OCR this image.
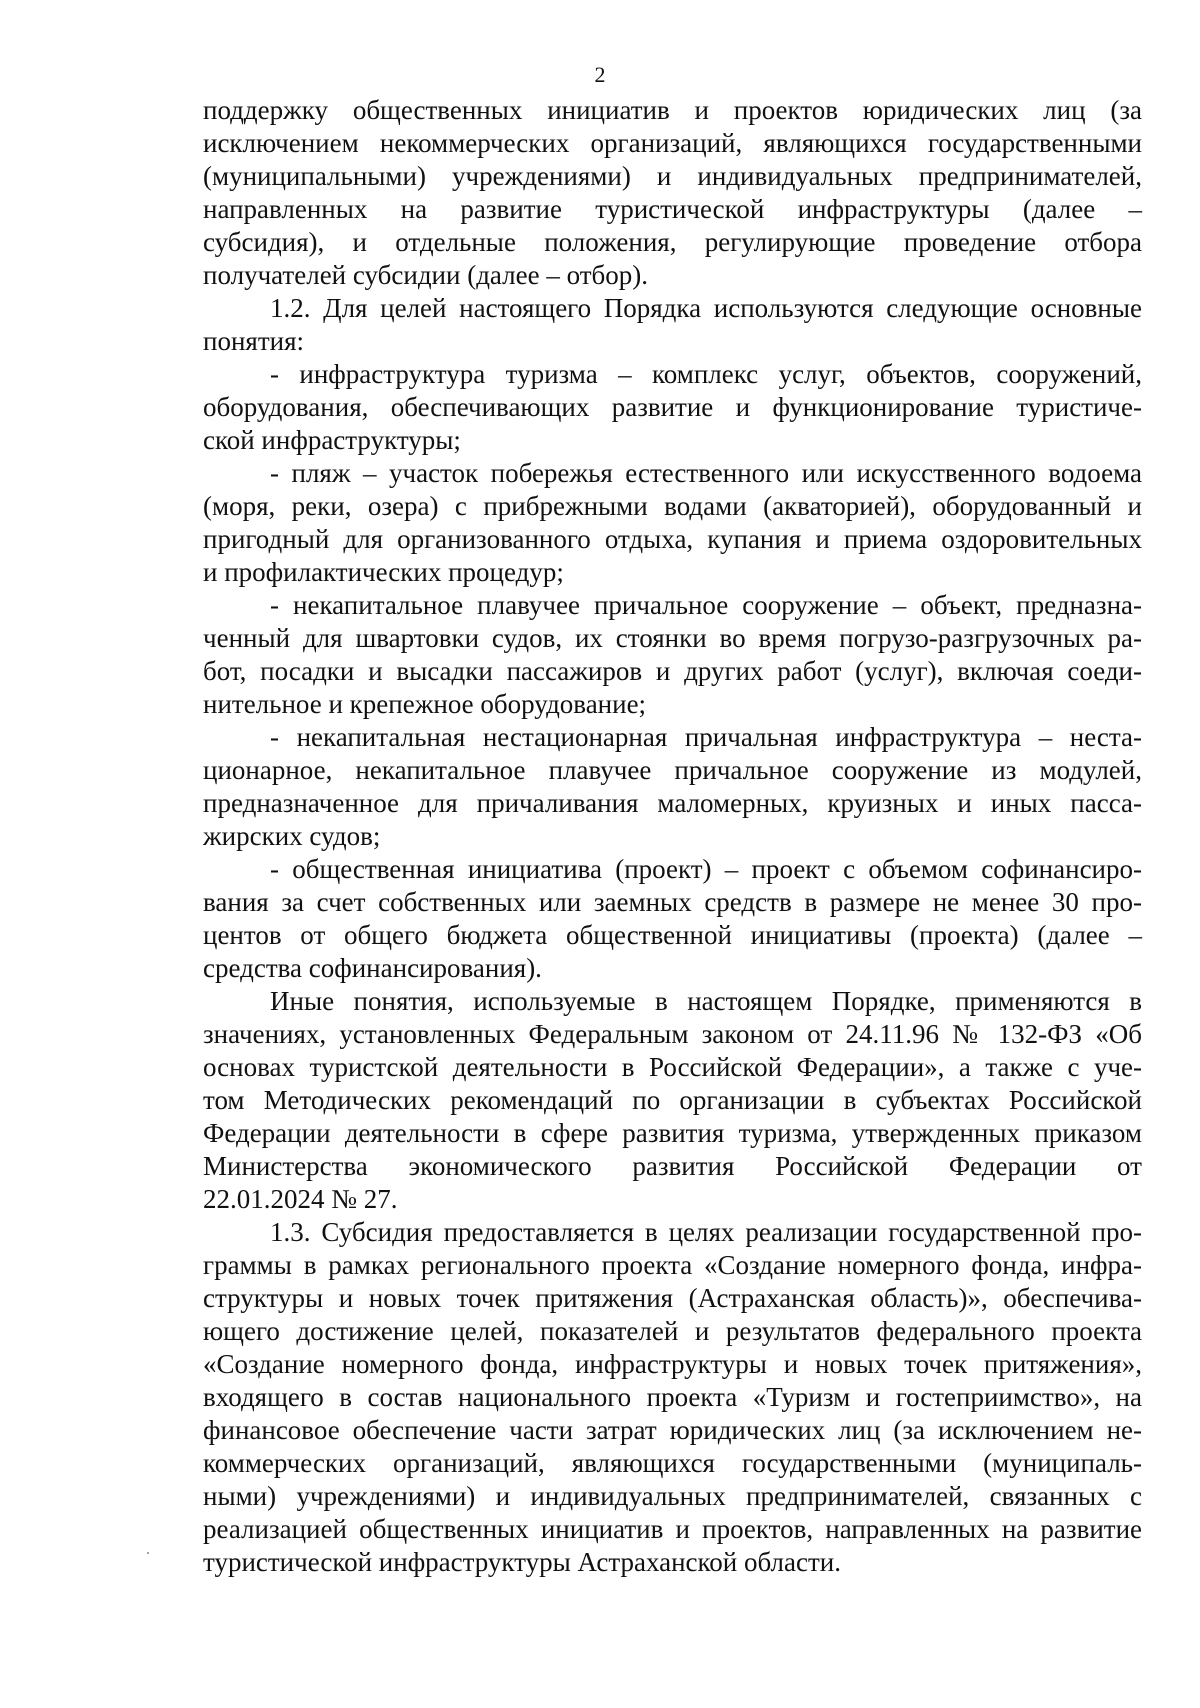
2
поддержку общественных инициатив и проектов юридических лиц (за
исключением некоммерческих организаций, являющихся государственными
(муниципальными) учреждениями) и индивидуальных предпринимателей,
направленных на развитие туристической инфраструктуры (далее –
субсидия), и отдельные положения, регулирующие проведение отбора
получателей субсидии (далее – отбор).
1.2. Для целей настоящего Порядка используются следующие основные
понятия:
- инфраструктура туризма – комплекс услуг, объектов, сооружений,
оборудования, обеспечивающих развитие и функционирование туристиче-
ской инфраструктуры;
- пляж – участок побережья естественного или искусственного водоема
(моря, реки, озера) с прибрежными водами (акваторией), оборудованный и
пригодный для организованного отдыха, купания и приема оздоровительных
и профилактических процедур;
- некапитальное плавучее причальное сооружение – объект, предназна-
ченный для швартовки судов, их стоянки во время погрузо-разгрузочных ра-
бот, посадки и высадки пассажиров и других работ (услуг), включая соеди-
нительное и крепежное оборудование;
- некапитальная нестационарная причальная инфраструктура – неста-
ционарное, некапитальное плавучее причальное сооружение из модулей,
предназначенное для причаливания маломерных, круизных и иных пасса-
жирских судов;
- общественная инициатива (проект) – проект с объемом софинансиро-
вания за счет собственных или заемных средств в размере не менее 30 про-
центов от общего бюджета общественной инициативы (проекта) (далее –
средства софинансирования).
Иные понятия, используемые в настоящем Порядке, применяются в
значениях, установленных Федеральным законом от 24.11.96 № 132-ФЗ «Об
основах туристской деятельности в Российской Федерации», а также с уче-
том Методических рекомендаций по организации в субъектах Российской
Федерации деятельности в сфере развития туризма, утвержденных приказом
Министерства экономического развития Российской Федерации от
22.01.2024 № 27.
1.3. Субсидия предоставляется в целях реализации государственной про-
граммы в рамках регионального проекта «Создание номерного фонда, инфра-
структуры и новых точек притяжения (Астраханская область)», обеспечива-
ющего достижение целей, показателей и результатов федерального проекта
«Создание номерного фонда, инфраструктуры и новых точек притяжения»,
входящего в состав национального проекта «Туризм и гостеприимство», на
финансовое обеспечение части затрат юридических лиц (за исключением не-
коммерческих организаций, являющихся государственными (муниципаль-
ными) учреждениями) и индивидуальных предпринимателей, связанных с
реализацией общественных инициатив и проектов, направленных на развитие
туристической инфраструктуры Астраханской области.
